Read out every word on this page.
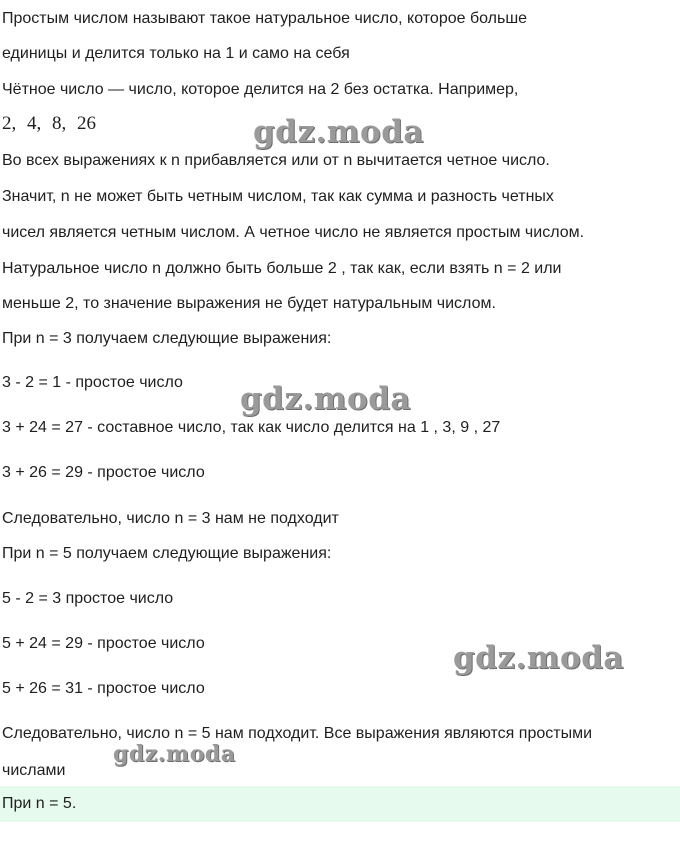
Простым числом называют такое натуральное число, которое больше
единицы и делится только на 1 и само на себя
Чётное число — число, которое делится на 2 без остатка. Например,
2, 4, 8, 26
Во всех выражениях к n прибавляется или от n вычитается четное число.
Значит, n не может быть четным числом, так как сумма и разность четных
чисел является четным числом. А четное число не является простым числом.
Натуральное число n должно быть больше 2 , так как, если взять n = 2 или
меньше 2, то значение выражения не будет натуральным числом.
При n = 3 получаем следующие выражения:
3 - 2 = 1 - простое число
3 + 24 = 27 - составное число, так как число делится на 1 , 3, 9 , 27
3 + 26 = 29 - простое число
Следовательно, число n = 3 нам не подходит
При n = 5 получаем следующие выражения:
5 - 2 = 3 простое число
5 + 24 = 29 - простое число
5 + 26 = 31 - простое число
Следовательно, число n = 5 нам подходит. Все выражения являются простыми
числами
При n = 5.
gdz.moda
gdz.moda
gdz.moda
gdz.moda
